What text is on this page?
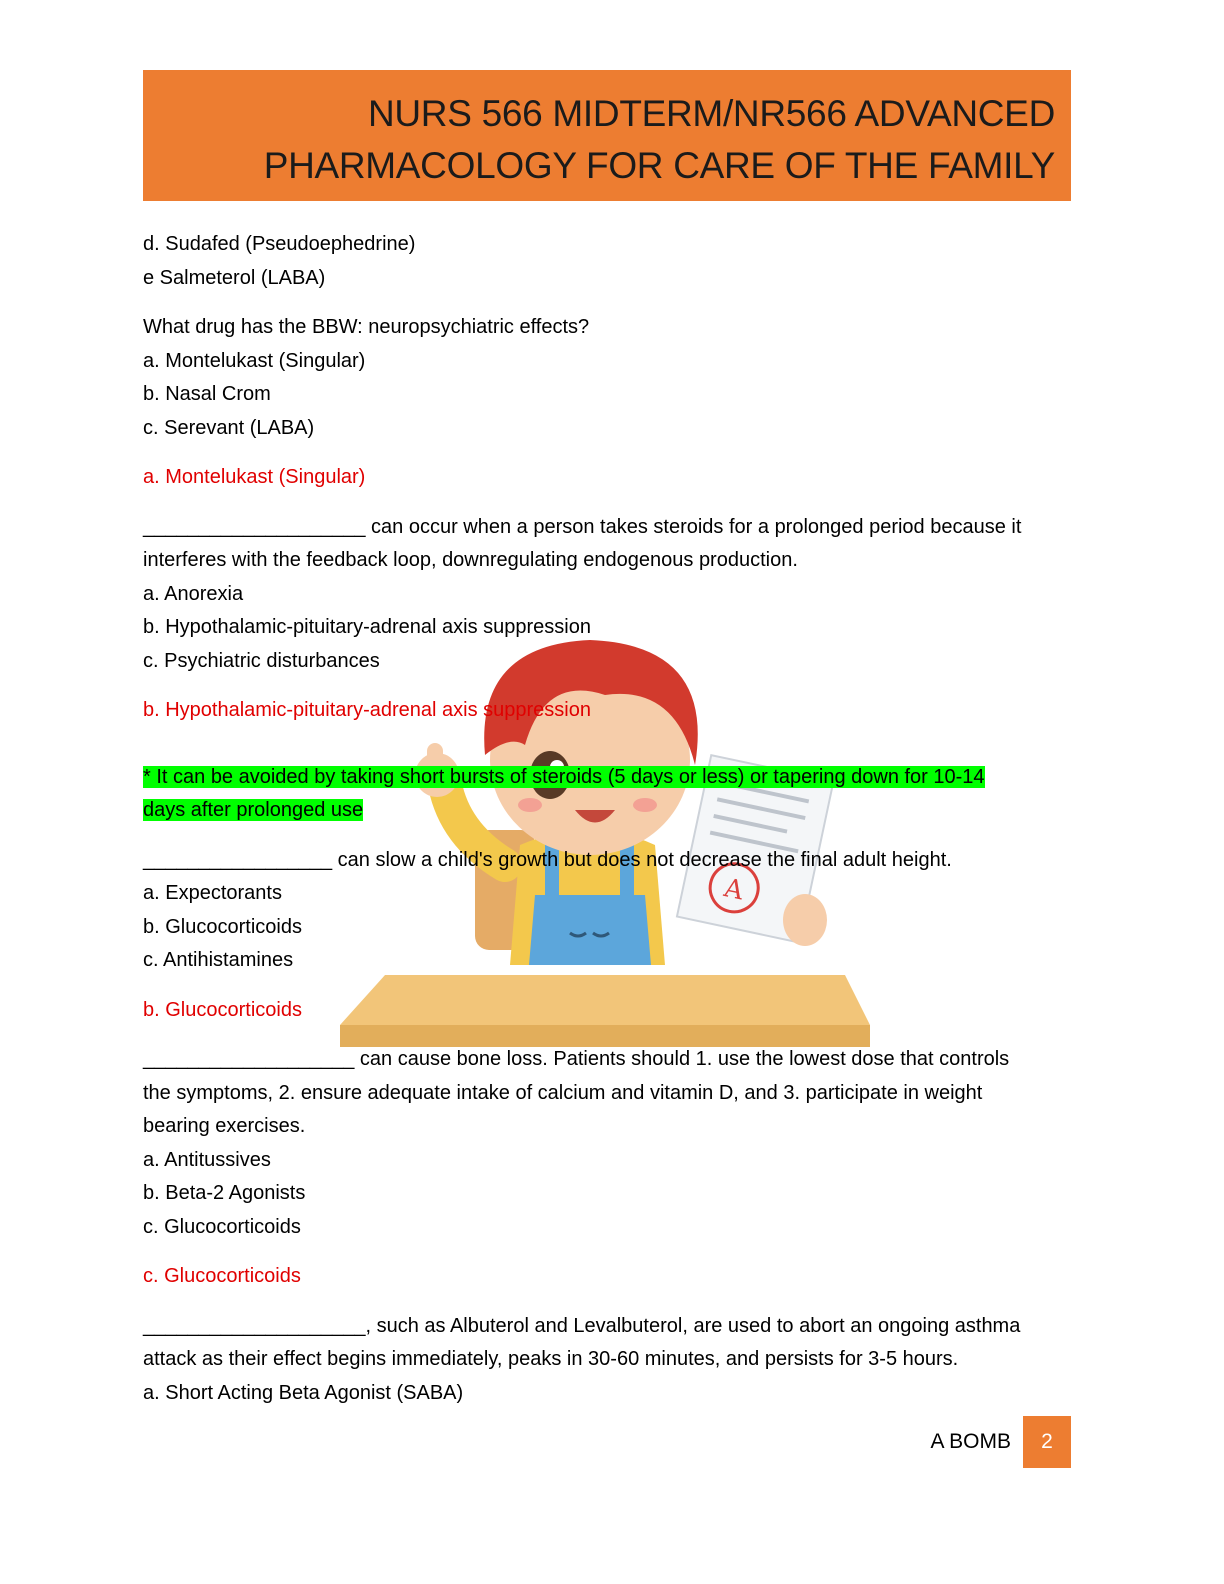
NURS 566 MIDTERM/NR566 ADVANCED
PHARMACOLOGY FOR CARE OF THE FAMILY
A

d. Sudafed (Pseudoephedrine)

e Salmeterol (LABA)

What drug has the BBW: neuropsychiatric effects?

a. Montelukast (Singular)

b. Nasal Crom

c. Serevant (LABA)

a. Montelukast (Singular)

____________________ can occur when a person takes steroids for a prolonged period because it

interferes with the feedback loop, downregulating endogenous production.

a. Anorexia

b. Hypothalamic-pituitary-adrenal axis suppression

c. Psychiatric disturbances

b. Hypothalamic-pituitary-adrenal axis suppression

* It can be avoided by taking short bursts of steroids (5 days or less) or tapering down for 10-14

days after prolonged use

_________________ can slow a child's growth but does not decrease the final adult height.

a. Expectorants

b. Glucocorticoids

c. Antihistamines

b. Glucocorticoids

___________________ can cause bone loss. Patients should 1. use the lowest dose that controls

the symptoms, 2. ensure adequate intake of calcium and vitamin D, and 3. participate in weight

bearing exercises.

a. Antitussives

b. Beta-2 Agonists

c. Glucocorticoids

c. Glucocorticoids

____________________, such as Albuterol and Levalbuterol, are used to abort an ongoing asthma

attack as their effect begins immediately, peaks in 30-60 minutes, and persists for 3-5 hours.

a. Short Acting Beta Agonist (SABA)

A BOMB	2
